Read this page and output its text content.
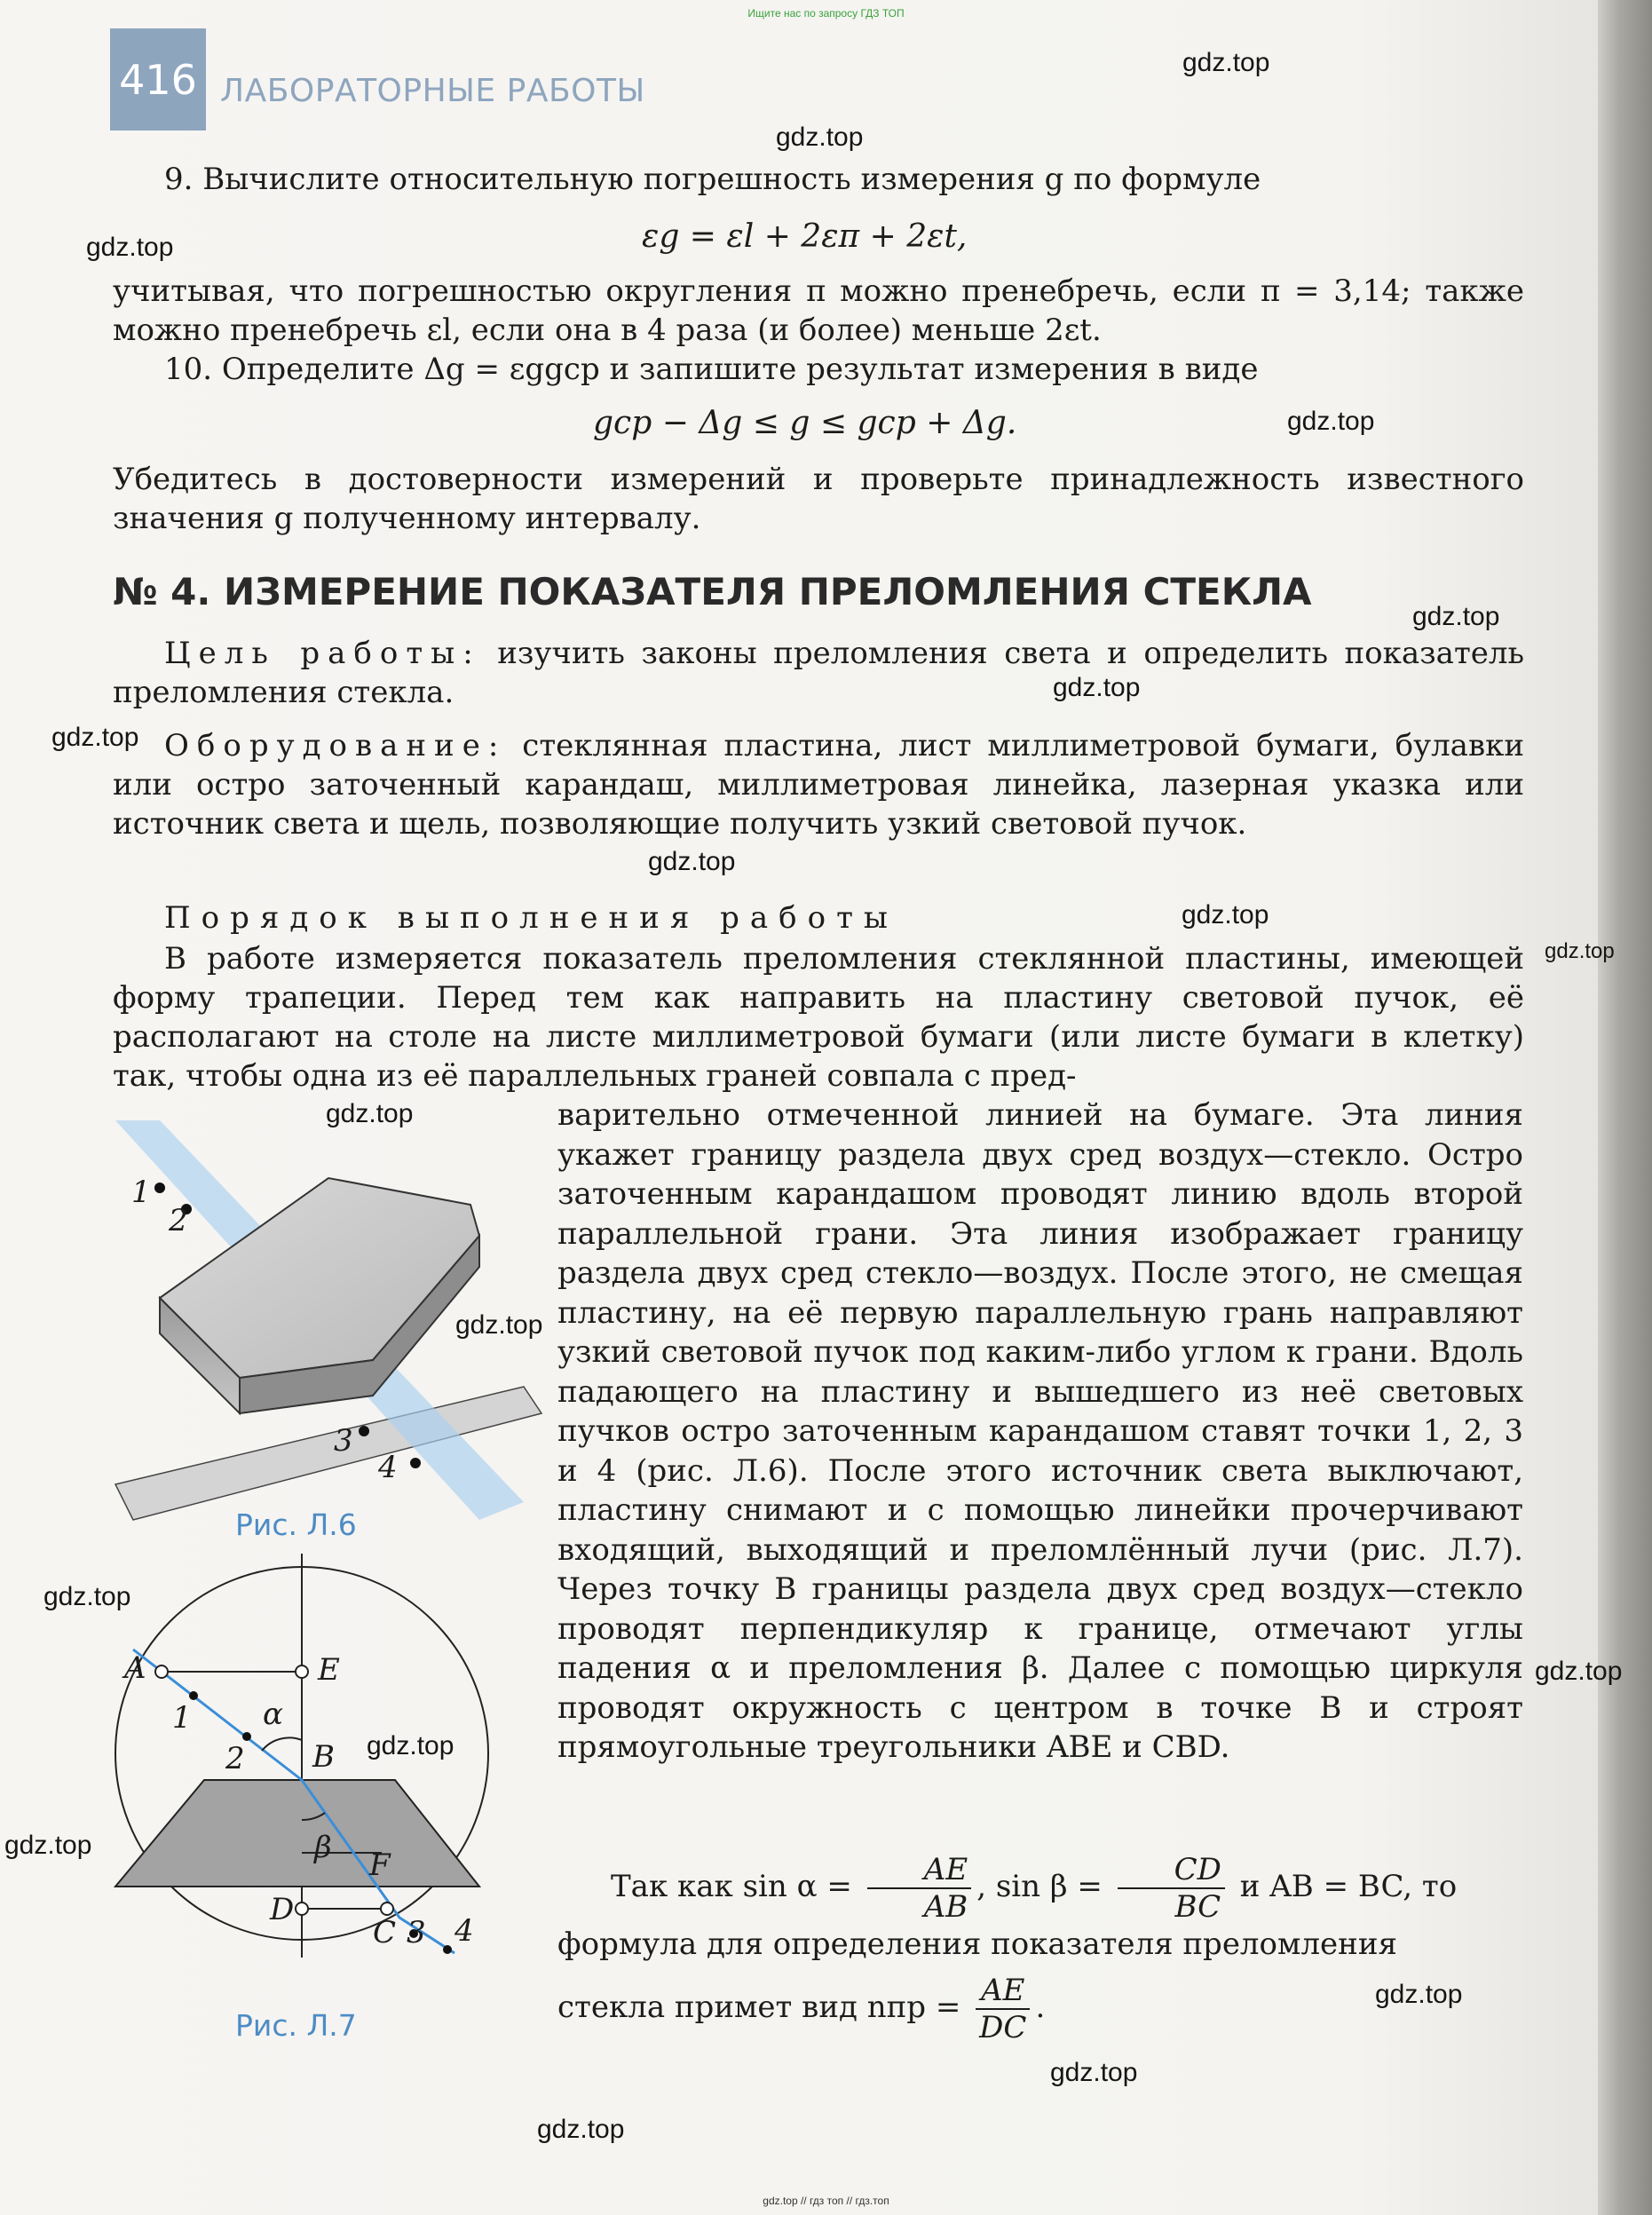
Ищите нас по запросу ГДЗ ТОП
416 ЛАБОРАТОРНЫЕ РАБОТЫ
gdz.top
gdz.top
gdz.top
gdz.top
gdz.top
gdz.top
gdz.top
gdz.top
gdz.top
gdz.top
gdz.top
gdz.top
gdz.top
gdz.top
gdz.top
gdz.top
gdz.top
gdz.top
gdz.top
9. Вычислите относительную погрешность измерения g по формуле
εg = εl + 2επ + 2εt,
учитывая, что погрешностью округления π можно пренебречь, если π = 3,14; также можно пренебречь εl, если она в 4 раза (и более) меньше 2εt.
10. Определите Δg = εggср и запишите результат измерения в виде
gср − Δg ≤ g ≤ gср + Δg.
Убедитесь в достоверности измерений и проверьте принадлежность известного значения g полученному интервалу.
№ 4. ИЗМЕРЕНИЕ ПОКАЗАТЕЛЯ ПРЕЛОМЛЕНИЯ СТЕКЛА
Цель работы: изучить законы преломления света и определить показатель преломления стекла.
Оборудование: стеклянная пластина, лист миллиметровой бумаги, булавки или остро заточенный карандаш, миллиметровая линейка, лазерная указка или источник света и щель, позволяющие получить узкий световой пучок.
Порядок выполнения работы
В работе измеряется показатель преломления стеклянной пластины, имеющей форму трапеции. Перед тем как направить на пластину световой пучок, её располагают на столе на листе миллиметровой бумаги (или листе бумаги в клетку) так, чтобы одна из её параллельных граней совпала с пред-
варительно отмеченной линией на бумаге. Эта линия укажет границу раздела двух сред воздух—стекло. Остро заточенным карандашом проводят линию вдоль второй параллельной грани. Эта линия изображает границу раздела двух сред стекло—воздух. После этого, не смещая пластину, на её первую параллельную грань направляют узкий световой пучок под каким-либо углом к грани. Вдоль падающего на пластину и вышедшего из неё световых пучков остро заточенным карандашом ставят точки 1, 2, 3 и 4 (рис. Л.6). После этого источник света выключают, пластину снимают и с помощью линейки прочерчивают входящий, выходящий и преломлённый лучи (рис. Л.7). Через точку B границы раздела двух сред воздух—стекло проводят перпендикуляр к границе, отмечают углы падения α и преломления β. Далее с помощью циркуля проводят окружность с центром в точке B и строят прямоугольные треугольники ABE и CBD.
Так как $\sin \alpha = \frac{AE}{AB}$ , $\sin \beta = \frac{CD}{BC}$ и AB = BC, то
формула для определения показателя преломления
стекла примет вид nпр = $\frac{AE}{DC}$ .
1
2
3
4
Рис. Л.6
A	E
1
2
α
B
β F
D
C 3 4
Рис. Л.7
gdz.top // гдз топ // гдз.топ
